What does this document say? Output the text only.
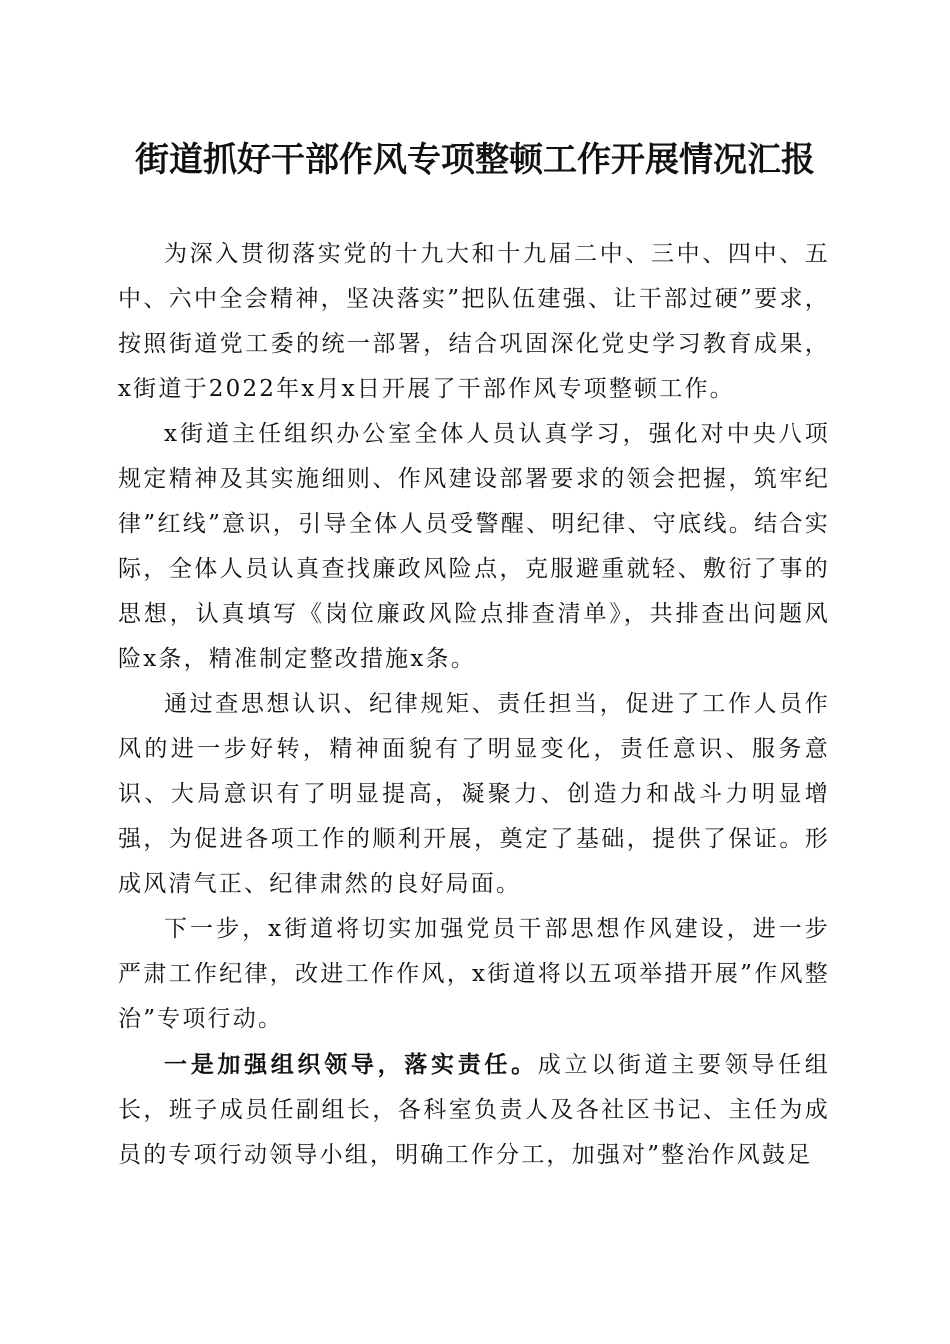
街道抓好干部作风专项整顿工作开展情况汇报

为深入贯彻落实党的十九大和十九届二中、三中、四中、五中、六中全会精神，坚决落实”把队伍建强、让干部过硬”要求，按照街道党工委的统一部署，结合巩固深化党史学习教育成果，x街道于2022年x月x日开展了干部作风专项整顿工作。

x街道主任组织办公室全体人员认真学习，强化对中央八项规定精神及其实施细则、作风建设部署要求的领会把握，筑牢纪律”红线”意识，引导全体人员受警醒、明纪律、守底线。结合实际，全体人员认真查找廉政风险点，克服避重就轻、敷衍了事的思想，认真填写《岗位廉政风险点排查清单》，共排查出问题风险x条，精准制定整改措施x条。

通过查思想认识、纪律规矩、责任担当，促进了工作人员作风的进一步好转，精神面貌有了明显变化，责任意识、服务意识、大局意识有了明显提高，凝聚力、创造力和战斗力明显增强，为促进各项工作的顺利开展，奠定了基础，提供了保证。形成风清气正、纪律肃然的良好局面。

下一步，x街道将切实加强党员干部思想作风建设，进一步严肃工作纪律，改进工作作风，x街道将以五项举措开展”作风整治”专项行动。

一是加强组织领导，落实责任。成立以街道主要领导任组长，班子成员任副组长，各科室负责人及各社区书记、主任为成员的专项行动领导小组，明确工作分工，加强对”整治作风鼓足
